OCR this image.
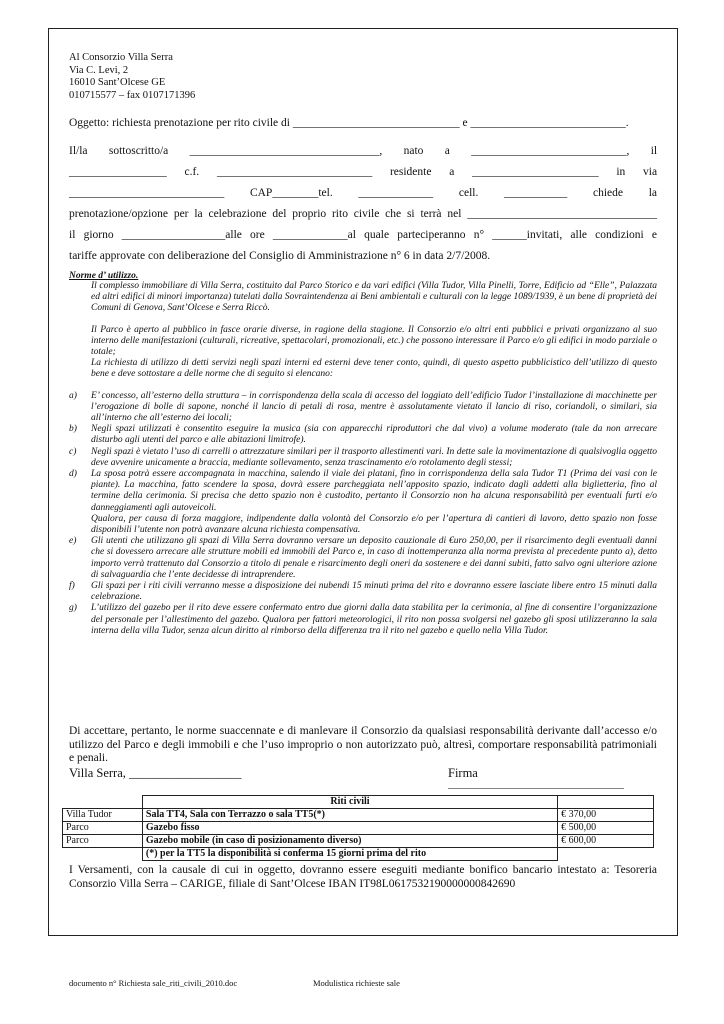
Al Consorzio Villa Serra
Via C. Levi, 2
16010 Sant’Olcese GE
010715577 – fax 0107171396
Oggetto: richiesta prenotazione per rito civile di _____________________________ e ___________________________.
Il/la sottoscritto/a _________________________________, nato a ___________________________, il
_________________ c.f. ___________________________ residente a ______________________ in via
___________________________ CAP________tel. _____________ cell. ___________ chiede la
prenotazione/opzione per la celebrazione del proprio rito civile che si terrà nel _________________________________
il giorno __________________alle ore _____________al quale parteciperanno n° ______invitati, alle condizioni e
tariffe approvate con deliberazione del Consiglio di Amministrazione n° 6 in data 2/7/2008.
Norme d’ utilizzo.
Il complesso immobiliare di Villa Serra, costituito dal Parco Storico e da vari edifici (Villa Tudor, Villa Pinelli, Torre, Edificio ad “Elle”, Palazzata ed altri edifici di minori importanza) tutelati dalla Sovraintendenza ai Beni ambientali e culturali con la legge 1089/1939, è un bene di proprietà dei Comuni di Genova, Sant’Olcese e Serra Riccò.
Il Parco è aperto al pubblico in fasce orarie diverse, in ragione della stagione. Il Consorzio e/o altri enti pubblici e privati organizzano al suo interno delle manifestazioni (culturali, ricreative, spettacolari, promozionali, etc.) che possono interessare il Parco e/o gli edifici in modo parziale o totale;
La richiesta di utilizzo di detti servizi negli spazi interni ed esterni deve tener conto, quindi, di questo aspetto pubblicistico dell’utilizzo di questo bene e deve sottostare a delle norme che di seguito si elencano:
a)	E’ concesso, all’esterno della struttura – in corrispondenza della scala di accesso del loggiato dell’edificio Tudor l’installazione di macchinette per l’erogazione di bolle di sapone, nonché il lancio di petali di rosa, mentre è assolutamente vietato il lancio di riso, coriandoli, o similari, sia all’interno che all’esterno dei locali;
b)	Negli spazi utilizzati è consentito eseguire la musica (sia con apparecchi riproduttori che dal vivo) a volume moderato (tale da non arrecare disturbo agli utenti del parco e alle abitazioni limitrofe).
c)	Negli spazi è vietato l’uso di carrelli o attrezzature similari per il trasporto allestimenti vari. In dette sale la movimentazione di qualsivoglia oggetto deve avvenire unicamente a braccia, mediante sollevamento, senza trascinamento e/o rotolamento degli stessi;
d)	La sposa potrà essere accompagnata in macchina, salendo il viale dei platani, fino in corrispondenza della sala Tudor T1 (Prima dei vasi con le piante). La macchina, fatto scendere la sposa, dovrà essere parcheggiata nell’apposito spazio, indicato dagli addetti alla biglietteria, fino al termine della cerimonia. Si precisa che detto spazio non è custodito, pertanto il Consorzio non ha alcuna responsabilità per eventuali furti e/o danneggiamenti agli autoveicoli.
Qualora, per causa di forza maggiore, indipendente dalla volontà del Consorzio e/o per l’apertura di cantieri di lavoro, detto spazio non fosse disponibili l’utente non potrà avanzare alcuna richiesta compensativa.
e)	Gli utenti che utilizzano gli spazi di Villa Serra dovranno versare un deposito cauzionale di €uro 250,00, per il risarcimento degli eventuali danni che si dovessero arrecare alle strutture mobili ed immobili del Parco e, in caso di inottemperanza alla norma prevista al precedente punto a), detto importo verrà trattenuto dal Consorzio a titolo di penale e risarcimento degli oneri da sostenere e dei danni subiti, fatto salvo ogni ulteriore azione di salvaguardia che l’ente decidesse di intraprendere.
f)	Gli spazi per i riti civili verranno messe a disposizione dei nubendi 15 minuti prima del rito e dovranno essere lasciate libere entro 15 minuti dalla celebrazione.
g)	L’utilizzo del gazebo per il rito deve essere confermato entro due giorni dalla data stabilita per la cerimonia, al fine di consentire l’organizzazione del personale per l’allestimento del gazebo. Qualora per fattori meteorologici, il rito non possa svolgersi nel gazebo gli sposi utilizzeranno la sala interna della villa Tudor, senza alcun diritto al rimborso della differenza tra il rito nel gazebo e quello nella Villa Tudor.
Di accettare, pertanto, le norme suaccennate e di manlevare il Consorzio da qualsiasi responsabilità derivante dall’accesso e/o utilizzo del Parco e degli immobili e che l’uso improprio o non autorizzato può, altresì, comportare responsabilità patrimoniali e penali.
Villa Serra, __________________	Firma
________________________________
	Riti civili	
Villa Tudor	Sala TT4, Sala con Terrazzo o sala TT5(*)	€ 370,00
Parco	Gazebo fisso	€ 500,00
Parco	Gazebo mobile (in caso di posizionamento diverso)	€ 600,00
	(*) per la TT5 la disponibilità si conferma 15 giorni prima del rito	
I Versamenti, con la causale di cui in oggetto, dovranno essere eseguiti mediante bonifico bancario intestato a: Tesoreria Consorzio Villa Serra – CARIGE, filiale di Sant’Olcese IBAN IT98L0617532190000000842690
documento n° Richiesta sale_riti_civili_2010.doc	Modulistica richieste sale
